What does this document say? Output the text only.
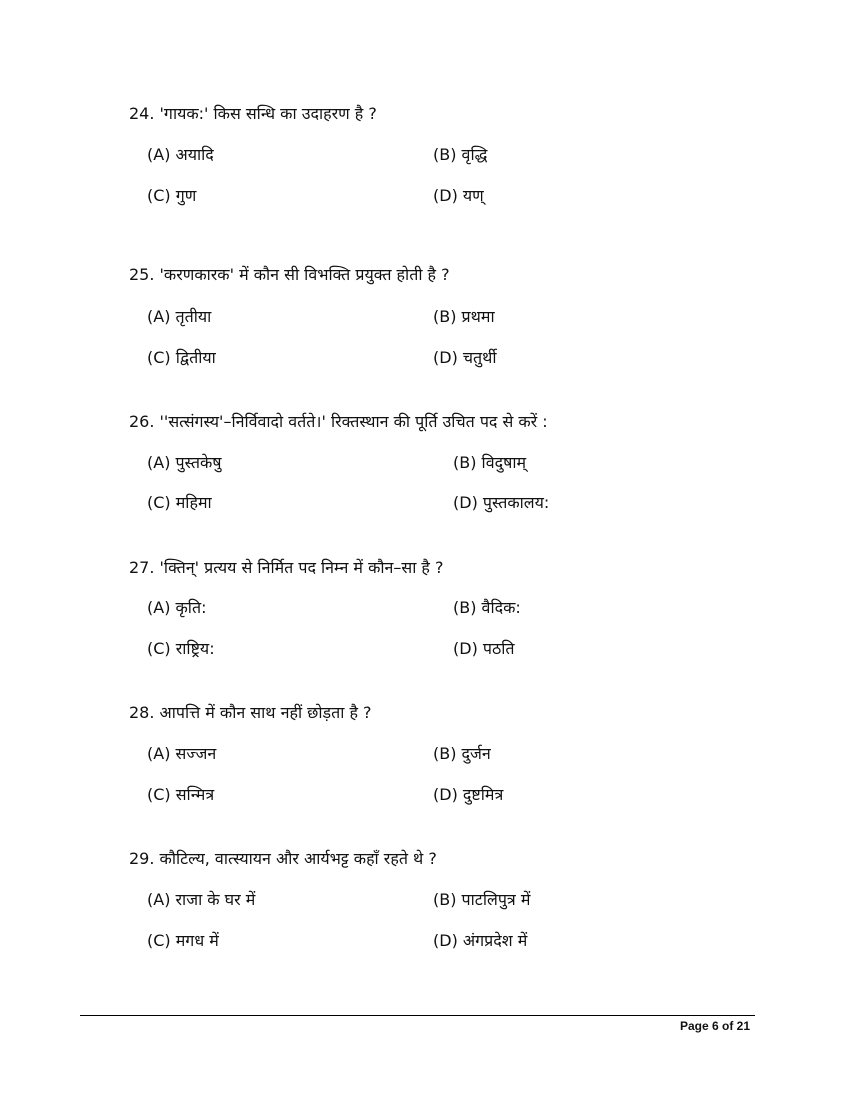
24. 'गायक:' किस सन्धि का उदाहरण है ?
(A) अयादि	(B) वृद्धि
(C) गुण	(D) यण्
25. 'करणकारक' में कौन सी विभक्ति प्रयुक्त होती है ?
(A) तृतीया	(B) प्रथमा
(C) द्वितीया	(D) चतुर्थी
26. ''सत्संगस्य'–निर्विवादो वर्तते।' रिक्तस्थान की पूर्ति उचित पद से करें :
(A) पुस्तकेषु	(B) विदुषाम्
(C) महिमा	(D) पुस्तकालय:
27. 'क्तिन्' प्रत्यय से निर्मित पद निम्न में कौन–सा है ?
(A) कृति:	(B) वैदिक:
(C) राष्ट्रिय:	(D) पठति
28. आपत्ति में कौन साथ नहीं छोड़ता है ?
(A) सज्जन	(B) दुर्जन
(C) सन्मित्र	(D) दुष्टमित्र
29. कौटिल्य, वात्स्यायन और आर्यभट्ट कहाँ रहते थे ?
(A) राजा के घर में	(B) पाटलिपुत्र में
(C) मगध में	(D) अंगप्रदेश में
Page 6 of 21
